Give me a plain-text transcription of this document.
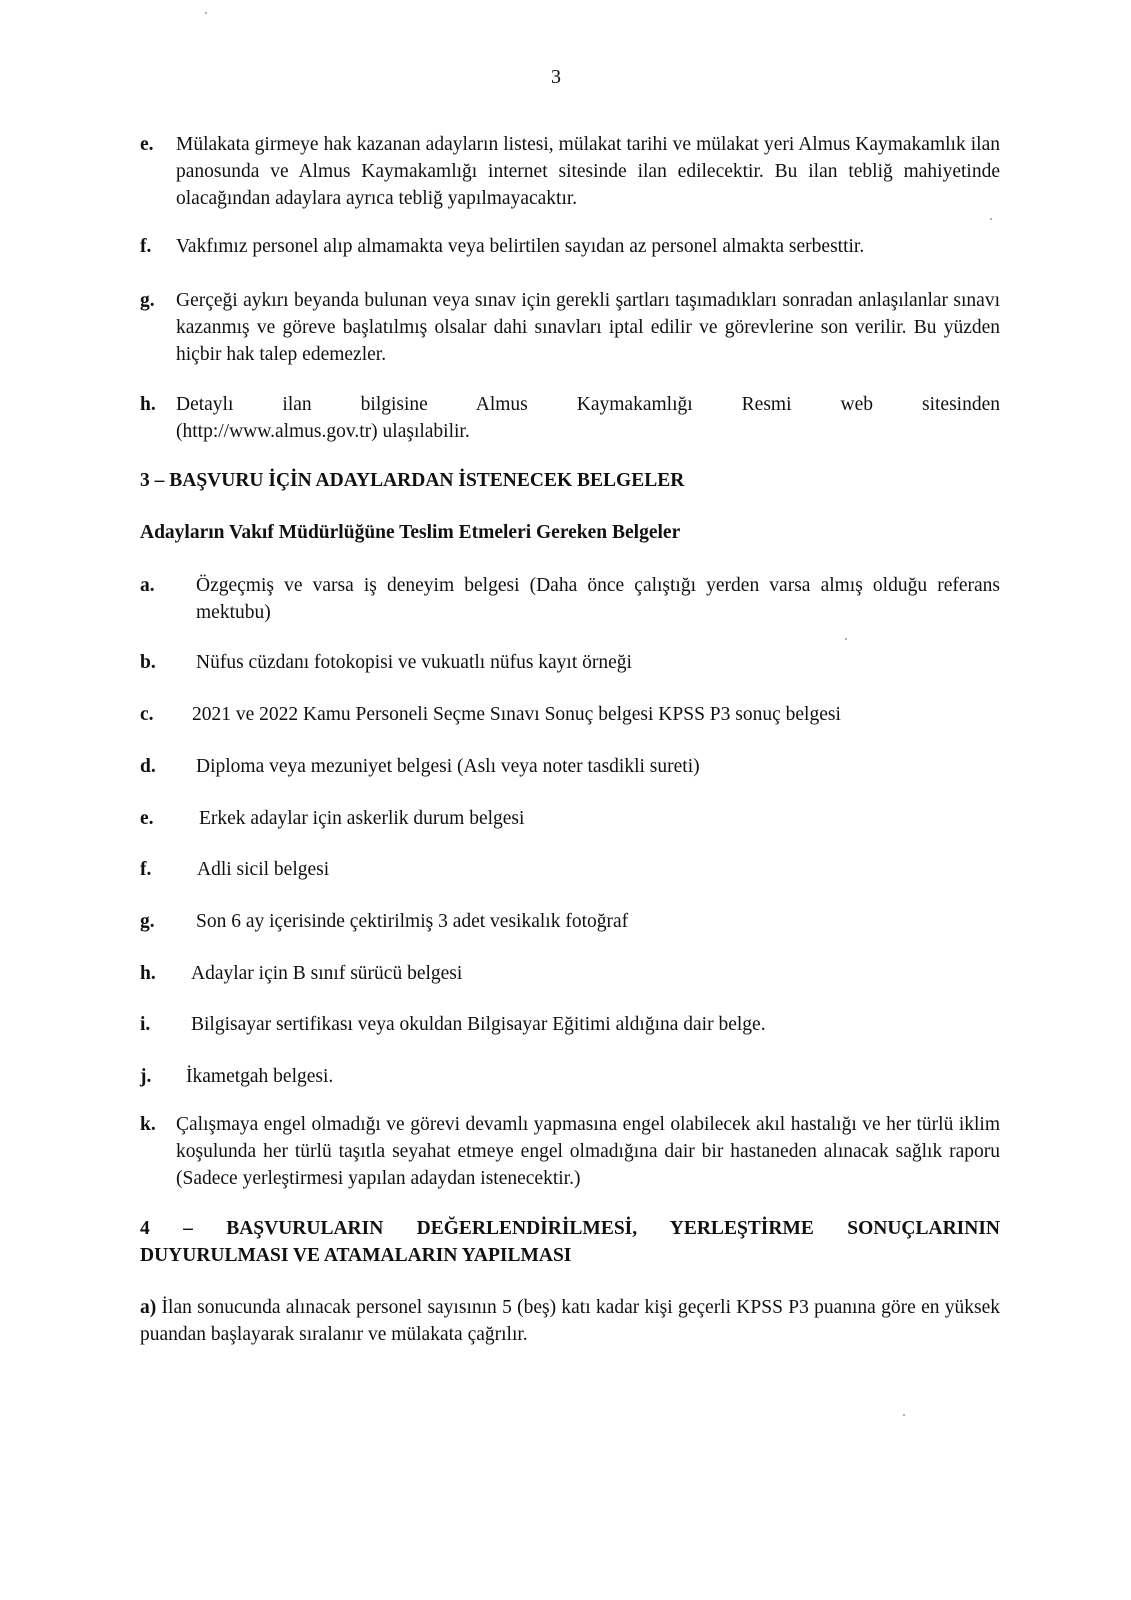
3
e. Mülakata girmeye hak kazanan adayların listesi, mülakat tarihi ve mülakat yeri Almus Kaymakamlık ilan panosunda ve Almus Kaymakamlığı internet sitesinde ilan edilecektir. Bu ilan tebliğ mahiyetinde olacağından adaylara ayrıca tebliğ yapılmayacaktır.
f. Vakfımız personel alıp almamakta veya belirtilen sayıdan az personel almakta serbesttir.
g. Gerçeği aykırı beyanda bulunan veya sınav için gerekli şartları taşımadıkları sonradan anlaşılanlar sınavı kazanmış ve göreve başlatılmış olsalar dahi sınavları iptal edilir ve görevlerine son verilir. Bu yüzden hiçbir hak talep edemezler.
h. Detaylı ilan bilgisine Almus Kaymakamlığı Resmi web sitesinden
(http://www.almus.gov.tr) ulaşılabilir.
3 – BAŞVURU İÇİN ADAYLARDAN İSTENECEK BELGELER
Adayların Vakıf Müdürlüğüne Teslim Etmeleri Gereken Belgeler
a. Özgeçmiş ve varsa iş deneyim belgesi (Daha önce çalıştığı yerden varsa almış olduğu referans mektubu)
b. Nüfus cüzdanı fotokopisi ve vukuatlı nüfus kayıt örneği
c. 2021 ve 2022 Kamu Personeli Seçme Sınavı Sonuç belgesi KPSS P3 sonuç belgesi
d. Diploma veya mezuniyet belgesi (Aslı veya noter tasdikli sureti)
e. Erkek adaylar için askerlik durum belgesi
f. Adli sicil belgesi
g. Son 6 ay içerisinde çektirilmiş 3 adet vesikalık fotoğraf
h. Adaylar için B sınıf sürücü belgesi
i. Bilgisayar sertifikası veya okuldan Bilgisayar Eğitimi aldığına dair belge.
j. İkametgah belgesi.
k. Çalışmaya engel olmadığı ve görevi devamlı yapmasına engel olabilecek akıl hastalığı ve her türlü iklim koşulunda her türlü taşıtla seyahat etmeye engel olmadığına dair bir hastaneden alınacak sağlık raporu (Sadece yerleştirmesi yapılan adaydan istenecektir.)
4 – BAŞVURULARIN DEĞERLENDİRİLMESİ, YERLEŞTİRME SONUÇLARININ
DUYURULMASI VE ATAMALARIN YAPILMASI
a) İlan sonucunda alınacak personel sayısının 5 (beş) katı kadar kişi geçerli KPSS P3 puanına göre en yüksek puandan başlayarak sıralanır ve mülakata çağrılır.
